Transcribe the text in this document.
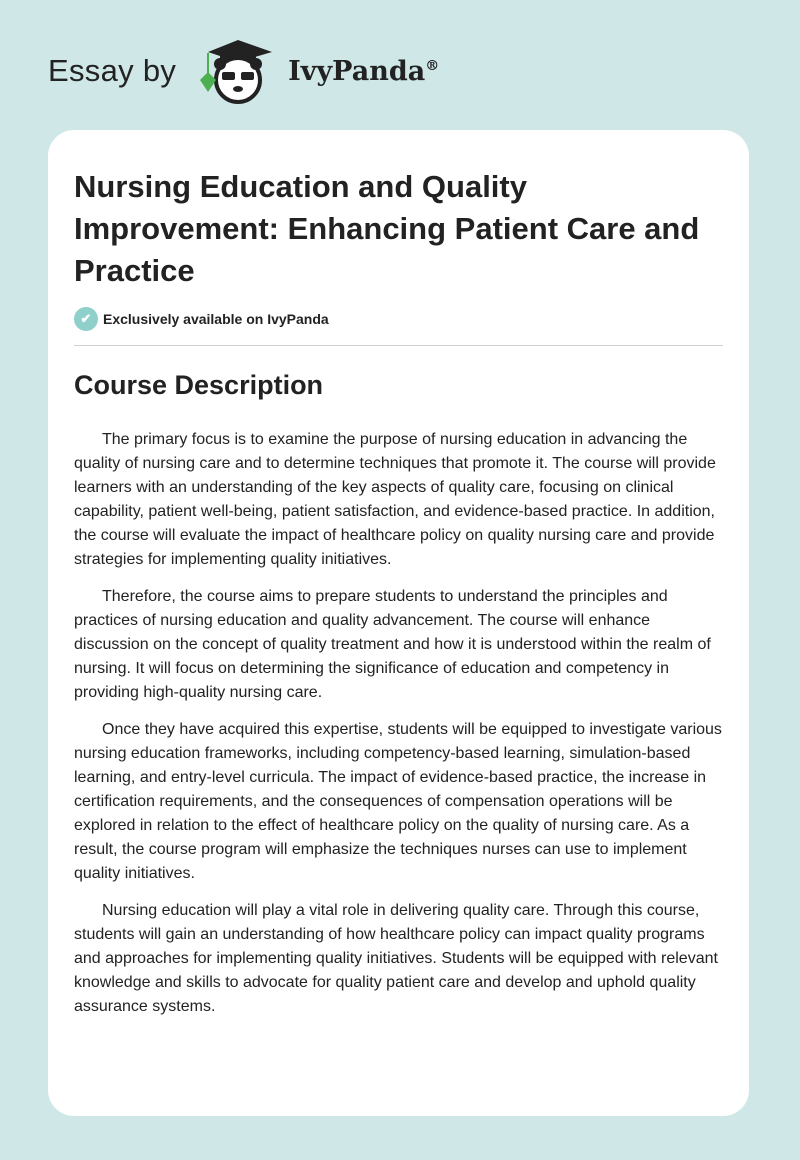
Essay by	IvyPanda®
Nursing Education and Quality Improvement: Enhancing Patient Care and Practice
✔ Exclusively available on IvyPanda
Course Description

The primary focus is to examine the purpose of nursing education in advancing the quality of nursing care and to determine techniques that promote it. The course will provide learners with an understanding of the key aspects of quality care, focusing on clinical capability, patient well-being, patient satisfaction, and evidence-based practice. In addition, the course will evaluate the impact of healthcare policy on quality nursing care and provide strategies for implementing quality initiatives.

Therefore, the course aims to prepare students to understand the principles and practices of nursing education and quality advancement. The course will enhance discussion on the concept of quality treatment and how it is understood within the realm of nursing. It will focus on determining the significance of education and competency in providing high-quality nursing care.

Once they have acquired this expertise, students will be equipped to investigate various nursing education frameworks, including competency-based learning, simulation-based learning, and entry-level curricula. The impact of evidence-based practice, the increase in certification requirements, and the consequences of compensation operations will be explored in relation to the effect of healthcare policy on the quality of nursing care. As a result, the course program will emphasize the techniques nurses can use to implement quality initiatives.

Nursing education will play a vital role in delivering quality care. Through this course, students will gain an understanding of how healthcare policy can impact quality programs and approaches for implementing quality initiatives. Students will be equipped with relevant knowledge and skills to advocate for quality patient care and develop and uphold quality assurance systems.
